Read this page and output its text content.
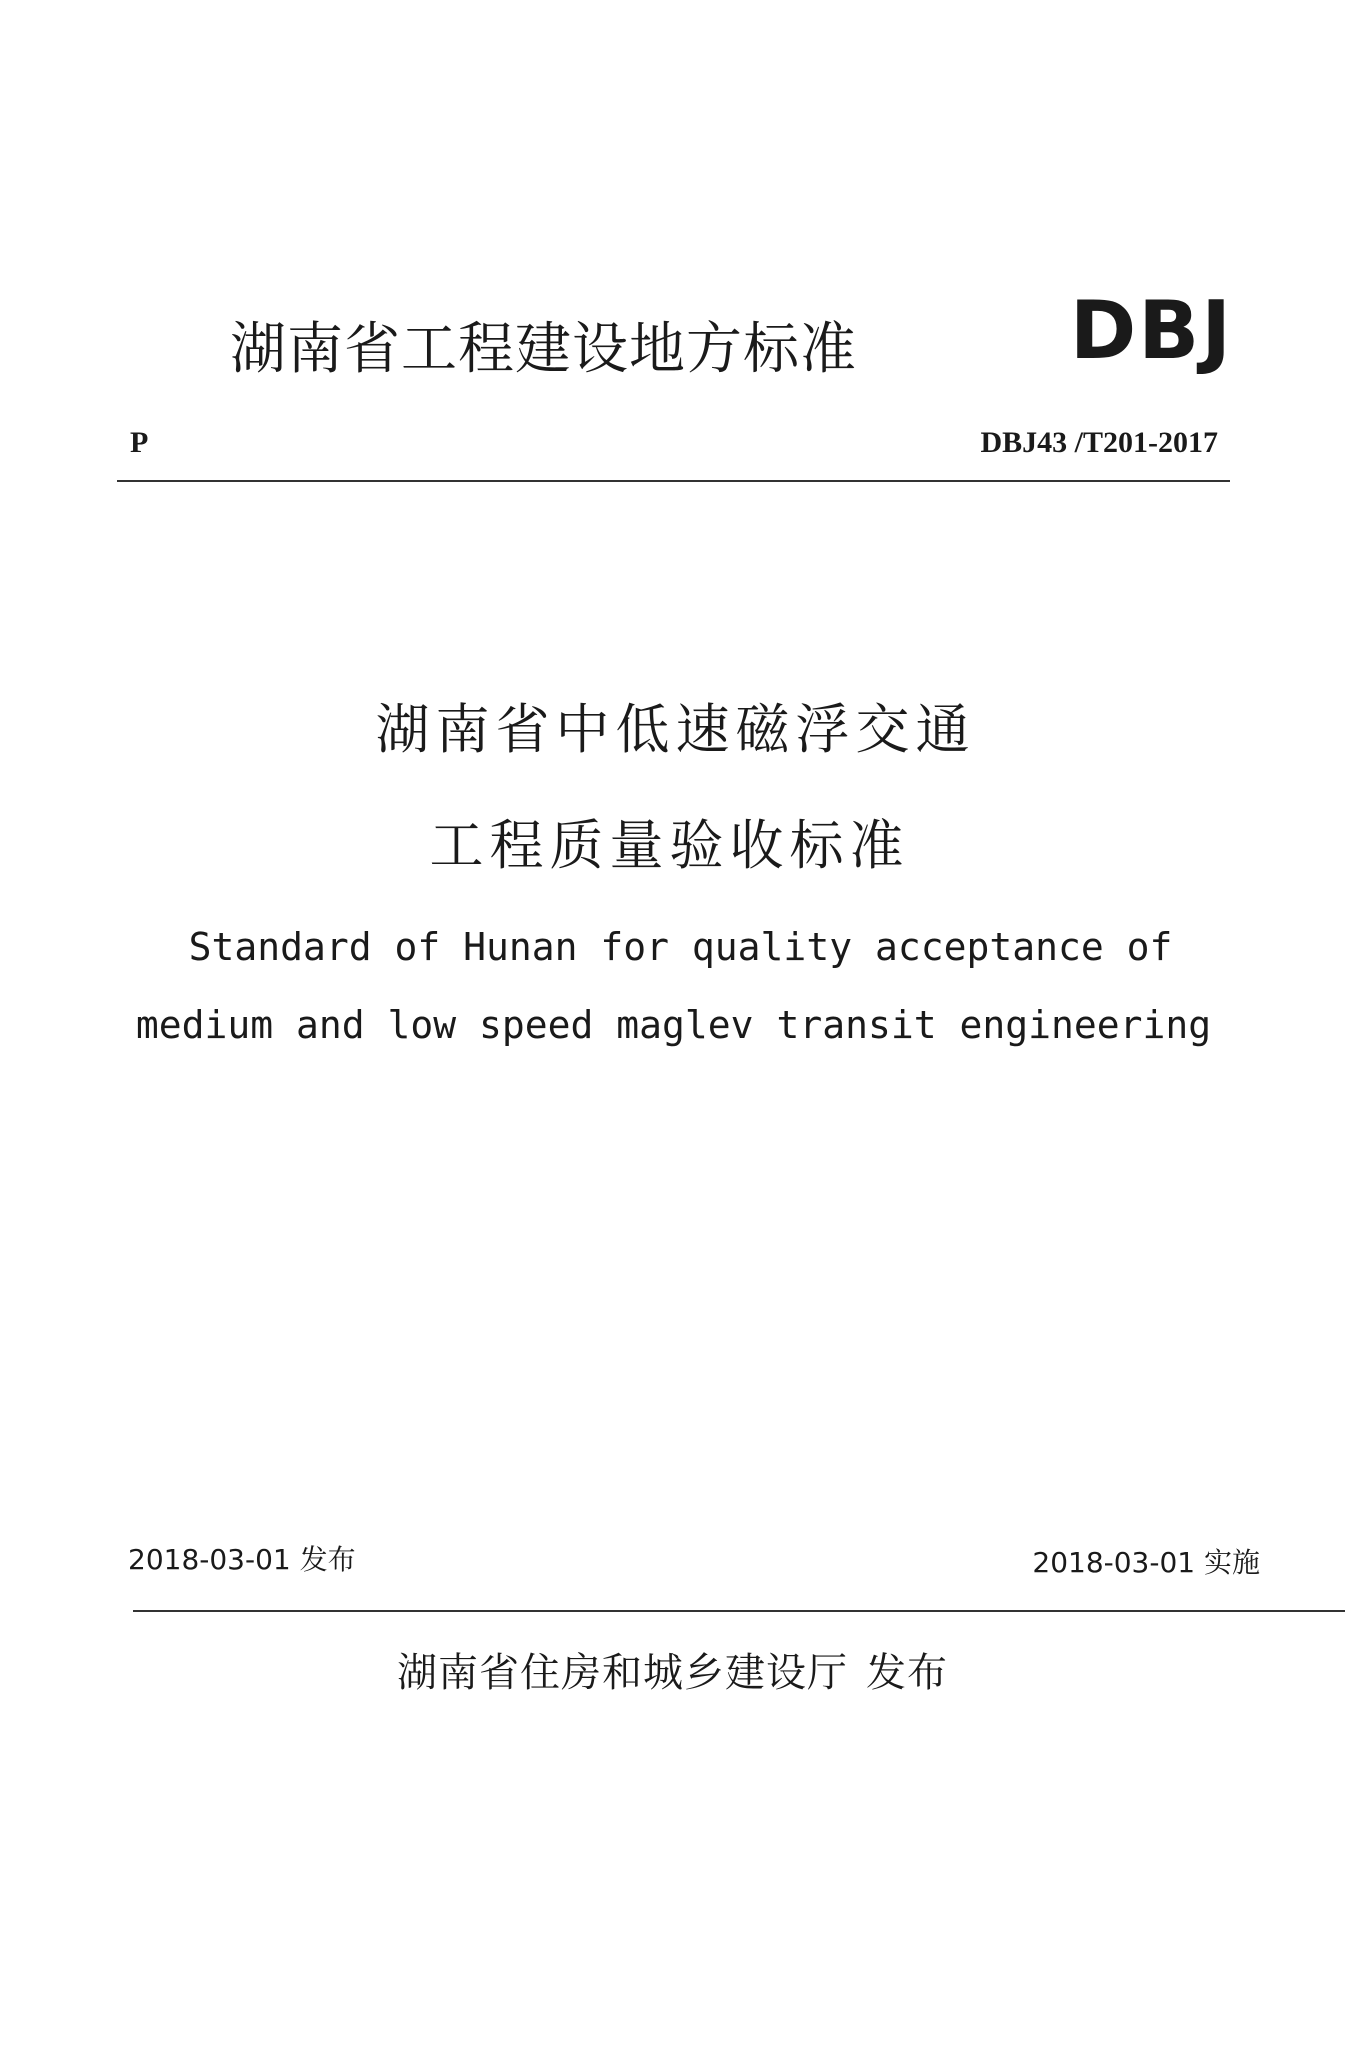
湖南省工程建设地方标准	DBJ
P	DBJ43 /T201-2017
湖南省中低速磁浮交通
工程质量验收标准
Standard of Hunan for quality acceptance of
medium and low speed maglev transit engineering
2018-03-01 发布	2018-03-01 实施
湖南省住房和城乡建设厅 发布
